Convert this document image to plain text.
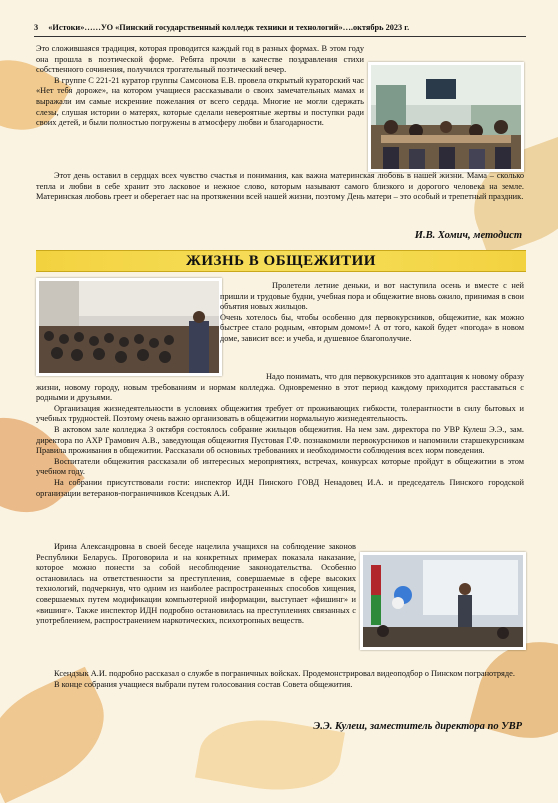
3 «Истоки»……УО «Пинский государственный колледж техники и технологий»….октябрь 2023 г.

Это сложившаяся традиция, которая проводится каждый год в разных формах. В этом году она прошла в поэтической форме. Ребята прочли в качестве поздравления стихи собственного сочинения, получился трогательный поэтический вечер.

В группе С 221-21 куратор группы Самсонова Е.В. провела открытый кураторский час «Нет тебя дороже», на котором учащиеся рассказывали о своих замечательных мамах и выражали им самые искренние пожелания от всего сердца. Многие не могли сдержать слезы, слушая истории о матерях, которые сделали невероятные жертвы и поступки ради своих детей, и были полностью погружены в атмосферу любви и благодарности.

Этот день оставил в сердцах всех чувство счастья и понимания, как важна материнская любовь в нашей жизни. Мама – сколько тепла и любви в себе хранит это ласковое и нежное слово, которым называют самого близкого и дорогого человека на земле. Материнская любовь греет и оберегает нас на протяжении всей нашей жизни, поэтому День матери – это особый и трепетный праздник.

И.В. Хомич, методист
ЖИЗНЬ В ОБЩЕЖИТИИ

Пролетели летние деньки, и вот наступила осень и вместе с ней пришли и трудовые будни, учебная пора и общежитие вновь ожило, принимая в свои объятия новых жильцов.

Очень хотелось бы, чтобы особенно для первокурсников, общежитие, как можно быстрее стало родным, «вторым домом»! А от того, какой будет «погода» в новом доме, зависит все: и учеба, и душевное благополучие.

Надо понимать, что для первокурсников это адаптация к новому образу жизни, новому городу, новым требованиям и нормам колледжа. Одновременно в этот период каждому приходится расставаться с родными и друзьями.

Организация жизнедеятельности в условиях общежития требует от проживающих гибкости, толерантности в силу бытовых и учебных трудностей. Поэтому очень важно организовать в общежитии нормальную жизнедеятельность.

В актовом зале колледжа 3 октября состоялось собрание жильцов общежития. На нем зам. директора по УВР Кулеш Э.Э., зам. директора по АХР Грамович А.В., заведующая общежития Пустовая Г.Ф. познакомили первокурсников и напомнили старшекурсникам Правила проживания в общежитии. Рассказали об основных требованиях и необходимости соблюдения всех норм поведения.

Воспитатели общежития рассказали об интересных мероприятиях, встречах, конкурсах которые пройдут в общежитии в этом учебном году.

На собрании присутствовали гости: инспектор ИДН Пинского ГОВД Ненадовец И.А. и председатель Пинского городской организации ветеранов-пограничников Ксендзык А.И.

Ирина Александровна в своей беседе нацелила учащихся на соблюдение законов Республики Беларусь. Проговорила и на конкретных примерах показала наказание, которое можно понести за собой несоблюдение законодательства. Особенно остановилась на ответственности за преступления, совершаемые в сфере высоких технологий, подчеркнув, что одним из наиболее распространенных способов хищения, совершаемых путем модификации компьютерной информации, выступает «фишинг» и «вишинг». Также инспектор ИДН подробно остановилась на преступлениях связанных с употреблением, распространением наркотических, психотропных веществ.

Ксендзык А.И. подробно рассказал о службе в пограничных войсках. Продемонстрировал видеоподбор о Пинском погранотряде.

В конце собрания учащиеся выбрали путем голосования состав Совета общежития.

Э.Э. Кулеш, заместитель директора по УВР
